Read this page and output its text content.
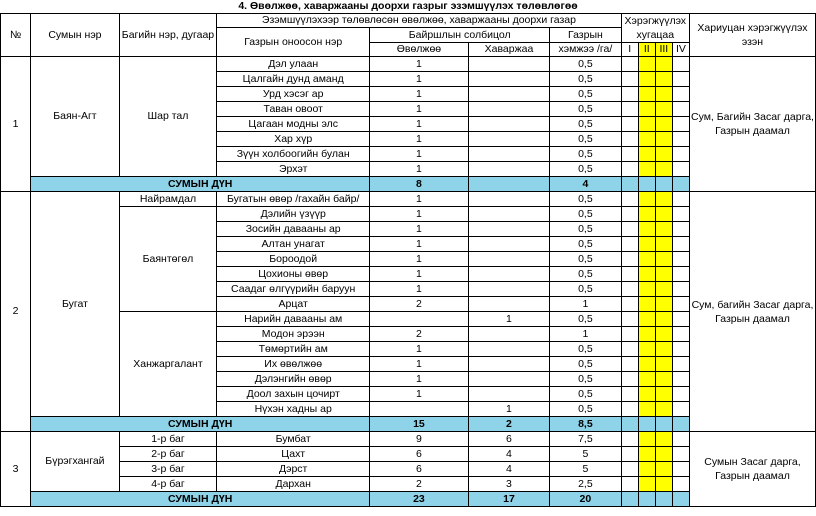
4. Өвөлжөө, хаваржааны доорхи газрыг эзэмшүүлэх төлөвлөгөө											
№	Сумын нэр	Багийн нэр, дугаар	Эзэмшүүлэхээр төлөвлөсөн өвөлжөө, хаваржааны доорхи газар				Хэрэгжүүлэх хугацаа				Хариуцан хэрэгжүүлэх эзэн
			Газрын оноосон нэр	Байршлын солбицол		Газрын					
				Өвөлжөө	Хаваржаа	хэмжээ /га/	I	II	III	IV	
1	Баян-Агт	Шар тал	Дэл улаан	1		0,5					Сум, Багийн Засаг дарга, Газрын даамал
			Цалгайн дунд аманд	1		0,5					
			Урд хэсэг ар	1		0,5					
			Таван овоот	1		0,5					
			Цагаан модны элс	1		0,5					
			Хар хүр	1		0,5					
			Зүүн холбоогийн булан	1		0,5					
			Эрхэт	1		0,5					
	СУМЫН ДҮН			8		4					
2	Бугат	Найрамдал	Бугатын өвөр /гахайн байр/	1		0,5					Сум, багийн Засаг дарга, Газрын даамал
		Баянтөгөл	Дэлийн үзүүр	1		0,5					
			Зосийн давааны ар	1		0,5					
			Алтан унагат	1		0,5					
			Бороодой	1		0,5					
			Цохионы өвөр	1		0,5					
			Саадаг өлгүүрийн баруун	1		0,5					
			Арцат	2		1					
		Ханжаргалант	Нарийн давааны ам		1	0,5					
			Модон эрээн	2		1					
			Төмөртийн ам	1		0,5					
			Их өвөлжөө	1		0,5					
			Дэлэнгийн өвөр	1		0,5					
			Доол захын цочирт	1		0,5					
			Нүхэн хадны ар		1	0,5					
	СУМЫН ДҮН			15	2	8,5					
3	Бүрэгхангай	1-р баг	Бумбат	9	6	7,5					Сумын Засаг дарга, Газрын даамал
		2-р баг	Цахт	6	4	5					
		3-р баг	Дэрст	6	4	5					
		4-р баг	Дархан	2	3	2,5					
	СУМЫН ДҮН			23	17	20					
